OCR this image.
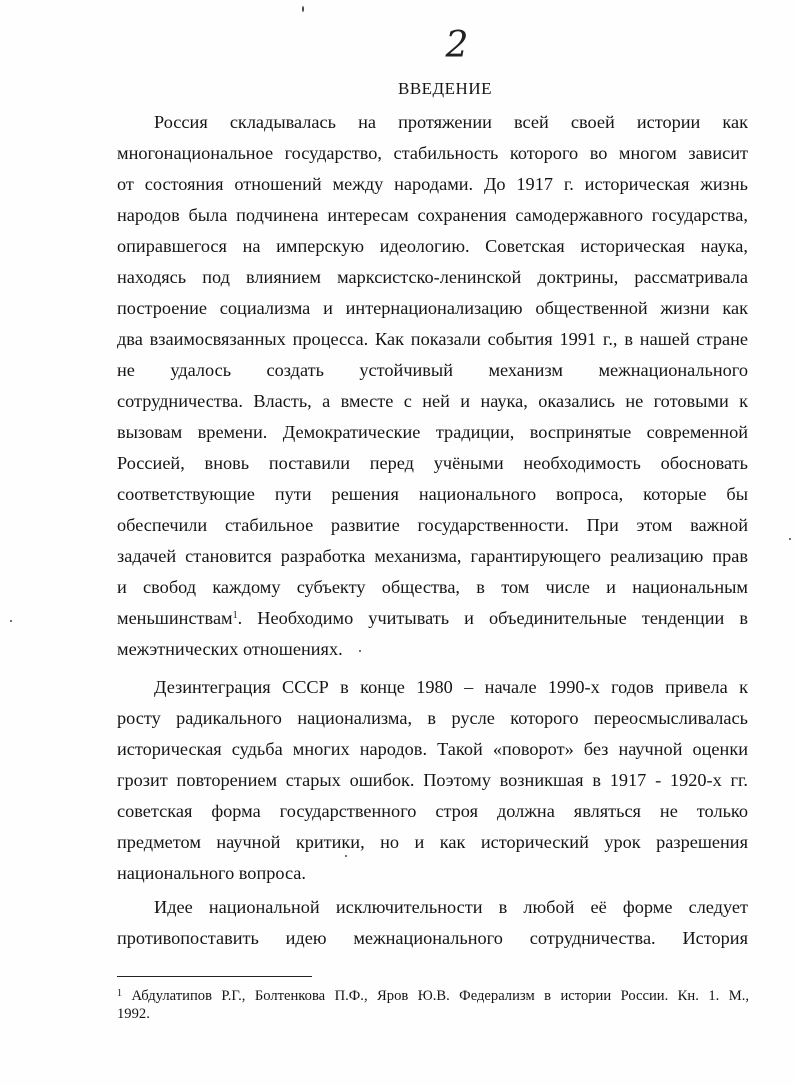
2
ВВЕДЕНИЕ
Россия складывалась на протяжении всей своей истории как
многонациональное государство, стабильность которого во многом зависит
от состояния отношений между народами. До 1917 г. историческая жизнь
народов была подчинена интересам сохранения самодержавного государства,
опиравшегося на имперскую идеологию. Советская историческая наука,
находясь под влиянием марксистско-ленинской доктрины, рассматривала
построение социализма и интернационализацию общественной жизни как
два взаимосвязанных процесса. Как показали события 1991 г., в нашей стране
не удалось создать устойчивый механизм межнационального
сотрудничества. Власть, а вместе с ней и наука, оказались не готовыми к
вызовам времени. Демократические традиции, воспринятые современной
Россией, вновь поставили перед учёными необходимость обосновать
соответствующие пути решения национального вопроса, которые бы
обеспечили стабильное развитие государственности. При этом важной
задачей становится разработка механизма, гарантирующего реализацию прав
и свобод каждому субъекту общества, в том числе и национальным
меньшинствам$^1$. Необходимо учитывать и объединительные тенденции в
межэтнических отношениях.
Дезинтеграция СССР в конце 1980 – начале 1990-х годов привела к
росту радикального национализма, в русле которого переосмысливалась
историческая судьба многих народов. Такой «поворот» без научной оценки
грозит повторением старых ошибок. Поэтому возникшая в 1917 - 1920-х гг.
советская форма государственного строя должна являться не только
предметом научной критики, но и как исторический урок разрешения
национального вопроса.
Идее национальной исключительности в любой её форме следует
противопоставить идею межнационального сотрудничества. История
$^1$ Абдулатипов Р.Г., Болтенкова П.Ф., Яров Ю.В. Федерализм в истории России. Кн. 1. М.,
1992.
